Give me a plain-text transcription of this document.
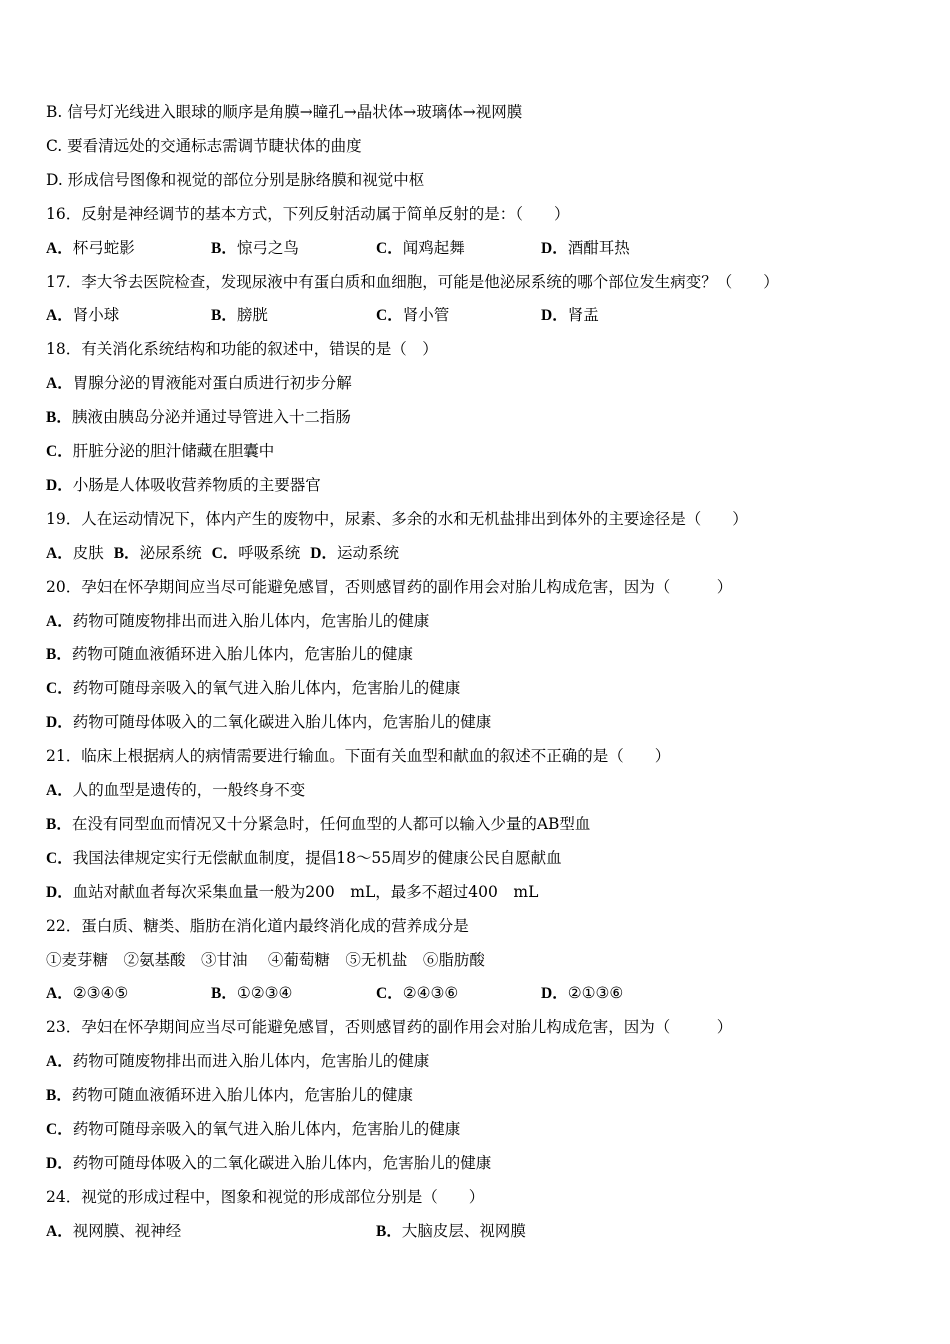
B. 信号灯光线进入眼球的顺序是角膜→瞳孔→晶状体→玻璃体→视网膜
C. 要看清远处的交通标志需调节睫状体的曲度
D. 形成信号图像和视觉的部位分别是脉络膜和视觉中枢
16．反射是神经调节的基本方式，下列反射活动属于简单反射的是：（　　）
A．杯弓蛇影	B．惊弓之鸟	C．闻鸡起舞	D．酒酣耳热
17．李大爷去医院检查，发现尿液中有蛋白质和血细胞，可能是他泌尿系统的哪个部位发生病变？（　　）
A．肾小球	B．膀胱	C．肾小管	D．肾盂
18．有关消化系统结构和功能的叙述中，错误的是（　）
A．胃腺分泌的胃液能对蛋白质进行初步分解
B．胰液由胰岛分泌并通过导管进入十二指肠
C．肝脏分泌的胆汁储藏在胆囊中
D．小肠是人体吸收营养物质的主要器官
19．人在运动情况下，体内产生的废物中，尿素、多余的水和无机盐排出到体外的主要途径是（　　）
A．皮肤 B．泌尿系统 C．呼吸系统 D．运动系统
20．孕妇在怀孕期间应当尽可能避免感冒，否则感冒药的副作用会对胎儿构成危害，因为（　　　）
A．药物可随废物排出而进入胎儿体内，危害胎儿的健康
B．药物可随血液循环进入胎儿体内，危害胎儿的健康
C．药物可随母亲吸入的氧气进入胎儿体内，危害胎儿的健康
D．药物可随母体吸入的二氧化碳进入胎儿体内，危害胎儿的健康
21．临床上根据病人的病情需要进行输血。下面有关血型和献血的叙述不正确的是（　　）
A．人的血型是遗传的，一般终身不变
B．在没有同型血而情况又十分紧急时，任何血型的人都可以输入少量的AB型血
C．我国法律规定实行无偿献血制度，提倡18～55周岁的健康公民自愿献血
D．血站对献血者每次采集血量一般为200　mL，最多不超过400　mL
22．蛋白质、糖类、脂肪在消化道内最终消化成的营养成分是
①麦芽糖　②氨基酸　③甘油　 ④葡萄糖　⑤无机盐　⑥脂肪酸
A．②③④⑤	B．①②③④	C．②④③⑥	D．②①③⑥
23．孕妇在怀孕期间应当尽可能避免感冒，否则感冒药的副作用会对胎儿构成危害，因为（　　　）
A．药物可随废物排出而进入胎儿体内，危害胎儿的健康
B．药物可随血液循环进入胎儿体内，危害胎儿的健康
C．药物可随母亲吸入的氧气进入胎儿体内，危害胎儿的健康
D．药物可随母体吸入的二氧化碳进入胎儿体内，危害胎儿的健康
24．视觉的形成过程中，图象和视觉的形成部位分别是（　　）
A．视网膜、视神经	B．大脑皮层、视网膜
